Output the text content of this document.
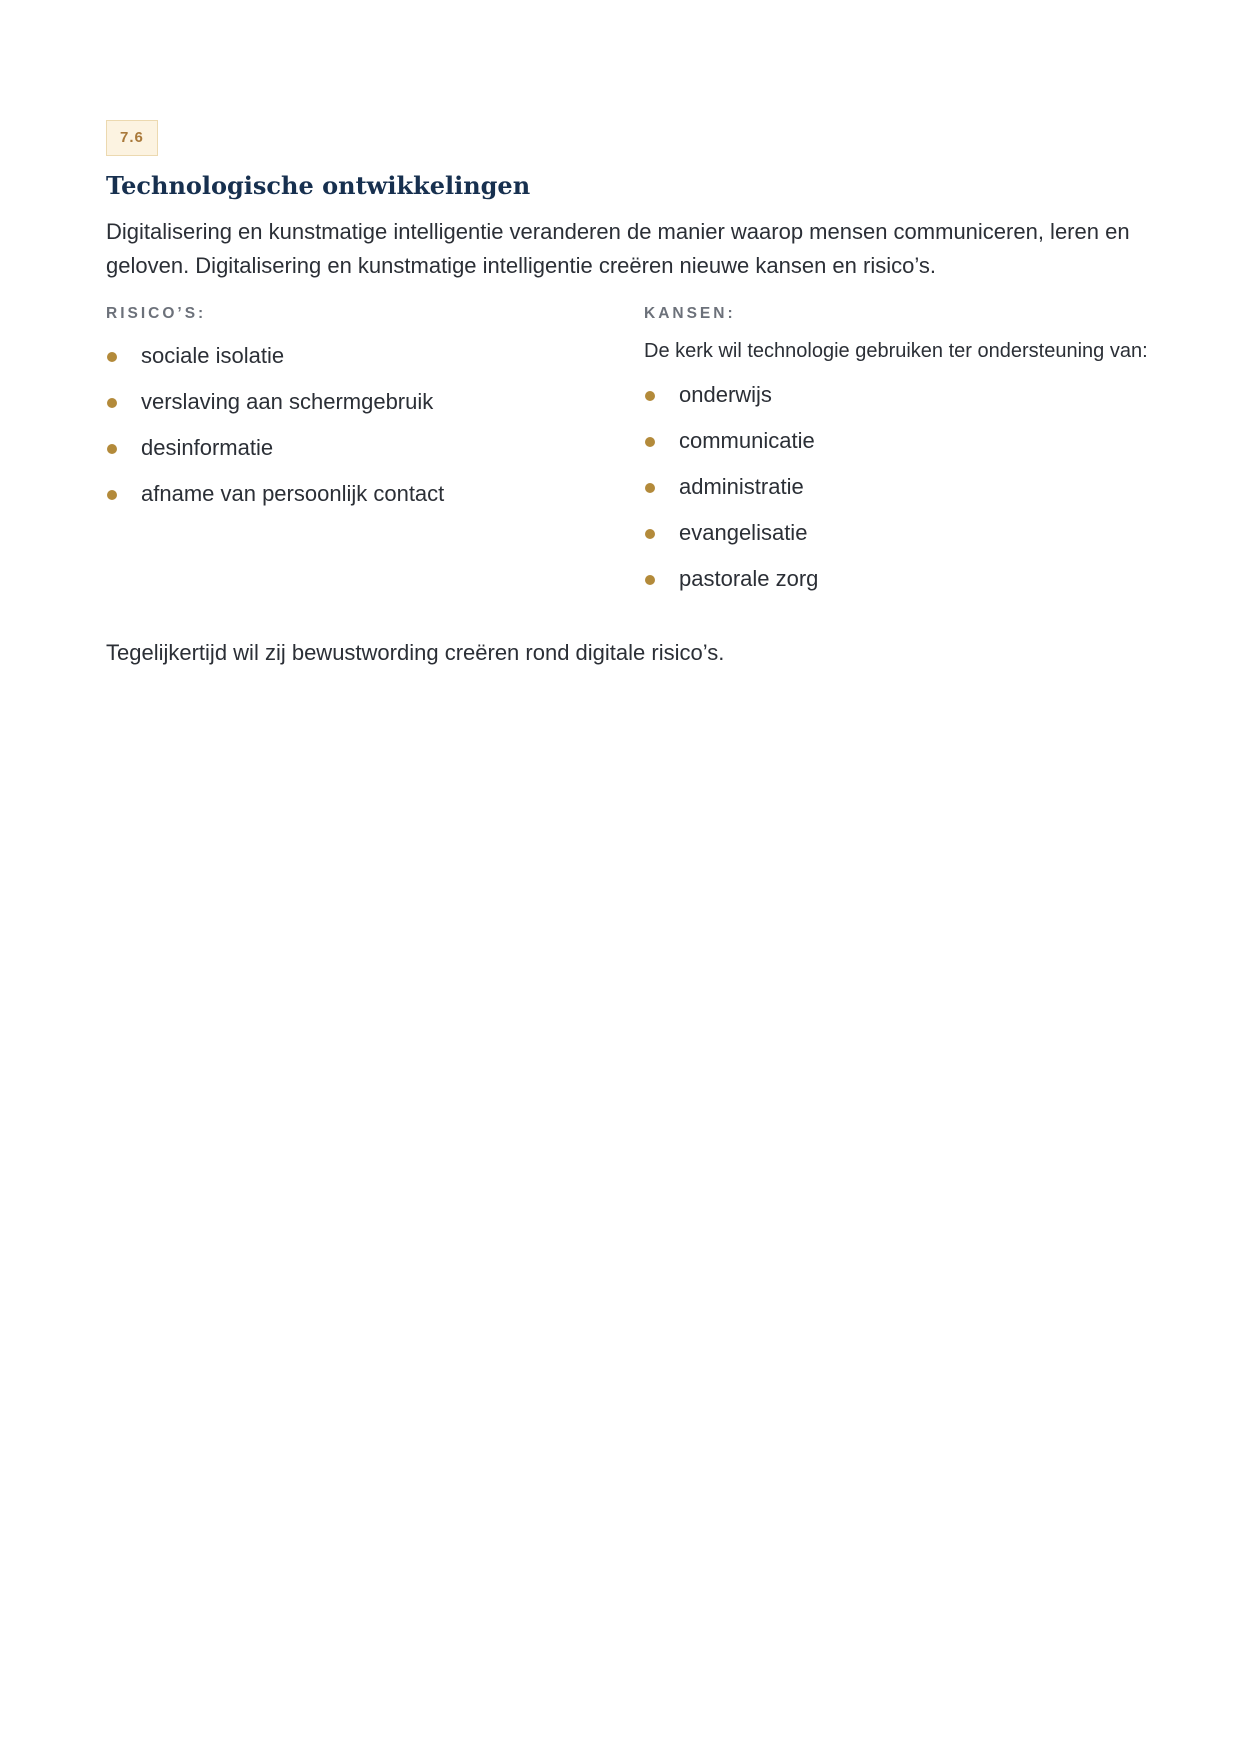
7.6
Technologische ontwikkelingen

Digitalisering en kunstmatige intelligentie veranderen de manier waarop mensen communiceren, leren en geloven. Digitalisering en kunstmatige intelligentie creëren nieuwe kansen en risico’s.

RISICO’S:
sociale isolatie
verslaving aan schermgebruik
desinformatie
afname van persoonlijk contact
KANSEN:

De kerk wil technologie gebruiken ter ondersteuning van:

onderwijs
communicatie
administratie
evangelisatie
pastorale zorg

Tegelijkertijd wil zij bewustwording creëren rond digitale risico’s.
